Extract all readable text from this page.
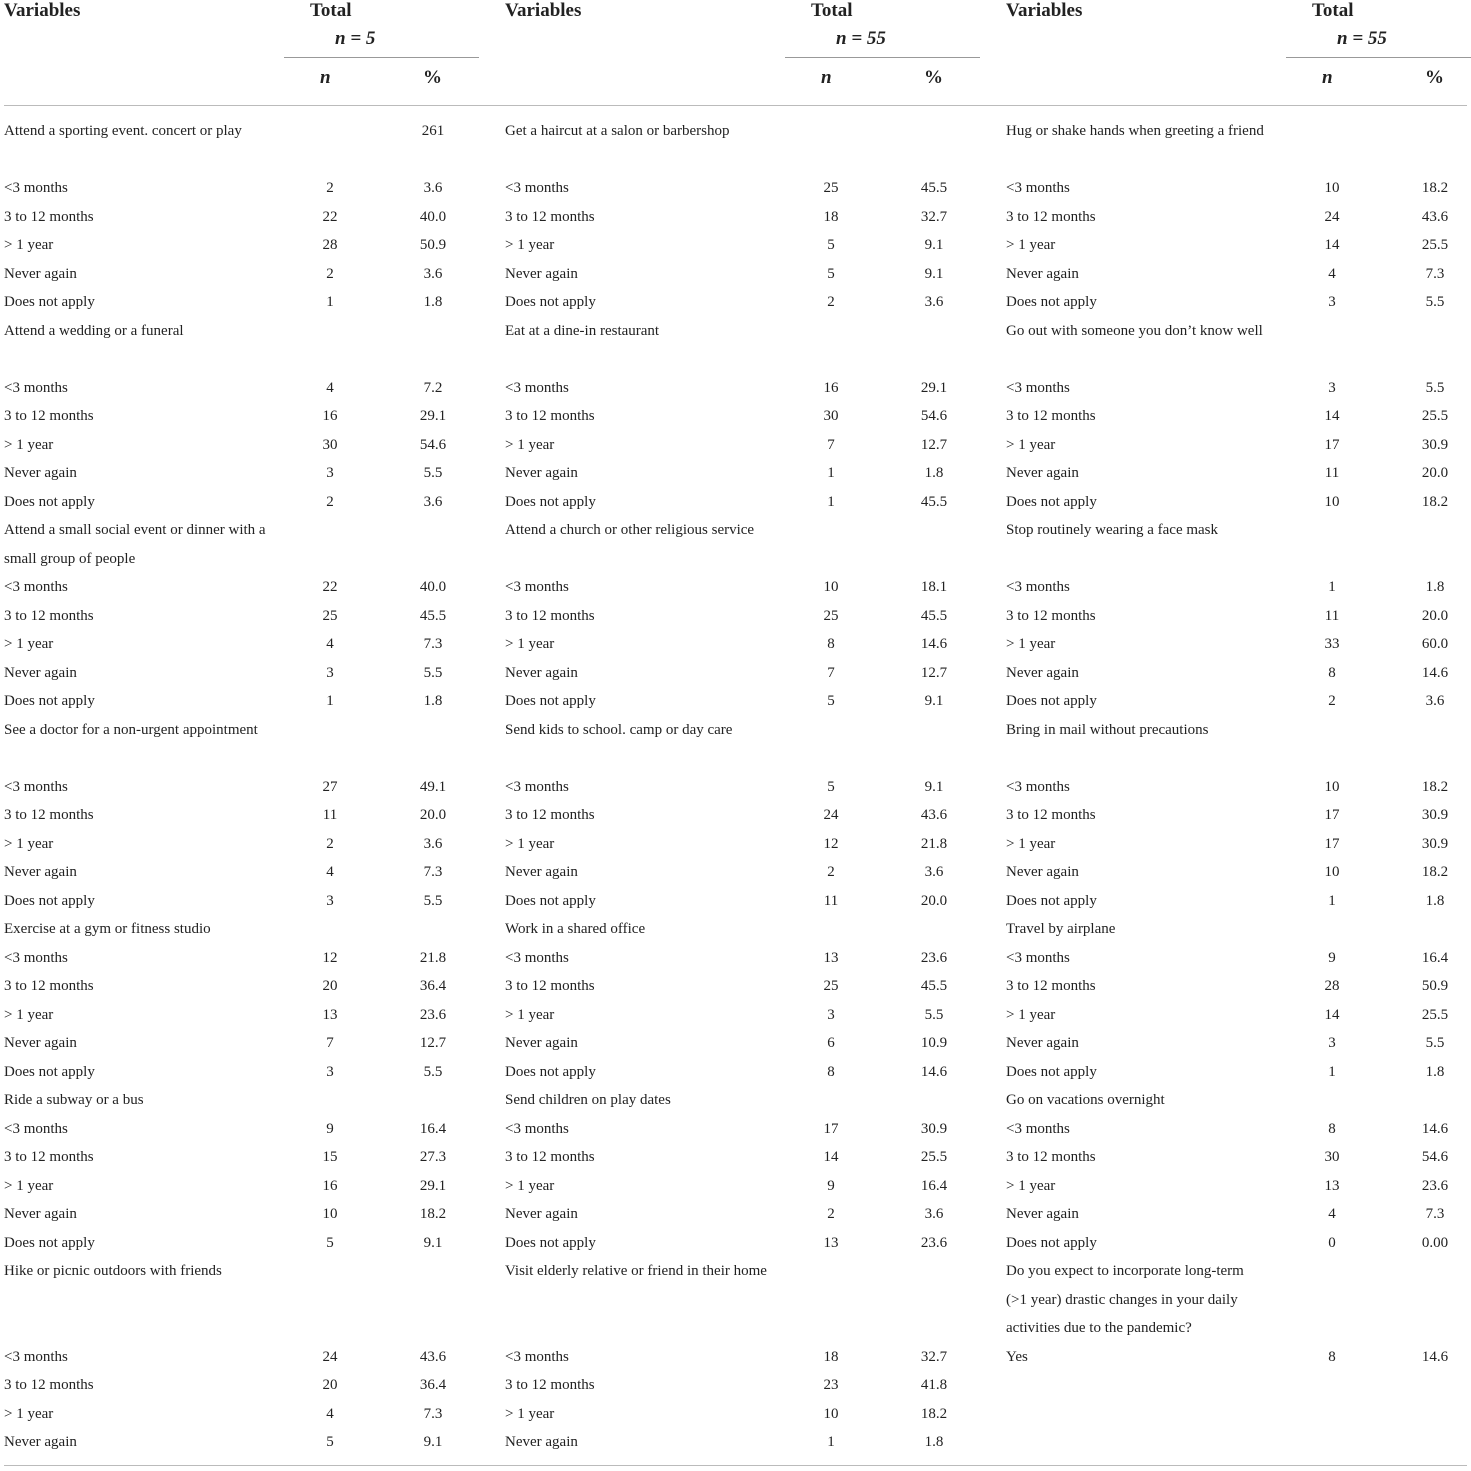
Variables	Total
n = 5
n	%
Attend a sporting event. concert or play	261
<3 months	2	3.6
3 to 12 months	22	40.0
> 1 year	28	50.9
Never again	2	3.6
Does not apply	1	1.8
Attend a wedding or a funeral
<3 months	4	7.2
3 to 12 months	16	29.1
> 1 year	30	54.6
Never again	3	5.5
Does not apply	2	3.6
Attend a small social event or dinner with a small group of people
<3 months	22	40.0
3 to 12 months	25	45.5
> 1 year	4	7.3
Never again	3	5.5
Does not apply	1	1.8
See a doctor for a non-urgent appointment
<3 months	27	49.1
3 to 12 months	11	20.0
> 1 year	2	3.6
Never again	4	7.3
Does not apply	3	5.5
Exercise at a gym or fitness studio
<3 months	12	21.8
3 to 12 months	20	36.4
> 1 year	13	23.6
Never again	7	12.7
Does not apply	3	5.5
Ride a subway or a bus
<3 months	9	16.4
3 to 12 months	15	27.3
> 1 year	16	29.1
Never again	10	18.2
Does not apply	5	9.1
Hike or picnic outdoors with friends
<3 months	24	43.6
3 to 12 months	20	36.4
> 1 year	4	7.3
Never again	5	9.1
Variables	Total
n = 55
n	%
Get a haircut at a salon or barbershop
<3 months	25	45.5
3 to 12 months	18	32.7
> 1 year	5	9.1
Never again	5	9.1
Does not apply	2	3.6
Eat at a dine-in restaurant
<3 months	16	29.1
3 to 12 months	30	54.6
> 1 year	7	12.7
Never again	1	1.8
Does not apply	1	45.5
Attend a church or other religious service
<3 months	10	18.1
3 to 12 months	25	45.5
> 1 year	8	14.6
Never again	7	12.7
Does not apply	5	9.1
Send kids to school. camp or day care
<3 months	5	9.1
3 to 12 months	24	43.6
> 1 year	12	21.8
Never again	2	3.6
Does not apply	11	20.0
Work in a shared office
<3 months	13	23.6
3 to 12 months	25	45.5
> 1 year	3	5.5
Never again	6	10.9
Does not apply	8	14.6
Send children on play dates
<3 months	17	30.9
3 to 12 months	14	25.5
> 1 year	9	16.4
Never again	2	3.6
Does not apply	13	23.6
Visit elderly relative or friend in their home
<3 months	18	32.7
3 to 12 months	23	41.8
> 1 year	10	18.2
Never again	1	1.8
Variables	Total
n = 55
n	%
Hug or shake hands when greeting a friend
<3 months	10	18.2
3 to 12 months	24	43.6
> 1 year	14	25.5
Never again	4	7.3
Does not apply	3	5.5
Go out with someone you don’t know well
<3 months	3	5.5
3 to 12 months	14	25.5
> 1 year	17	30.9
Never again	11	20.0
Does not apply	10	18.2
Stop routinely wearing a face mask
<3 months	1	1.8
3 to 12 months	11	20.0
> 1 year	33	60.0
Never again	8	14.6
Does not apply	2	3.6
Bring in mail without precautions
<3 months	10	18.2
3 to 12 months	17	30.9
> 1 year	17	30.9
Never again	10	18.2
Does not apply	1	1.8
Travel by airplane
<3 months	9	16.4
3 to 12 months	28	50.9
> 1 year	14	25.5
Never again	3	5.5
Does not apply	1	1.8
Go on vacations overnight
<3 months	8	14.6
3 to 12 months	30	54.6
> 1 year	13	23.6
Never again	4	7.3
Does not apply	0	0.00
Do you expect to incorporate long-term (>1 year) drastic changes in your daily activities due to the pandemic?
Yes	8	14.6
